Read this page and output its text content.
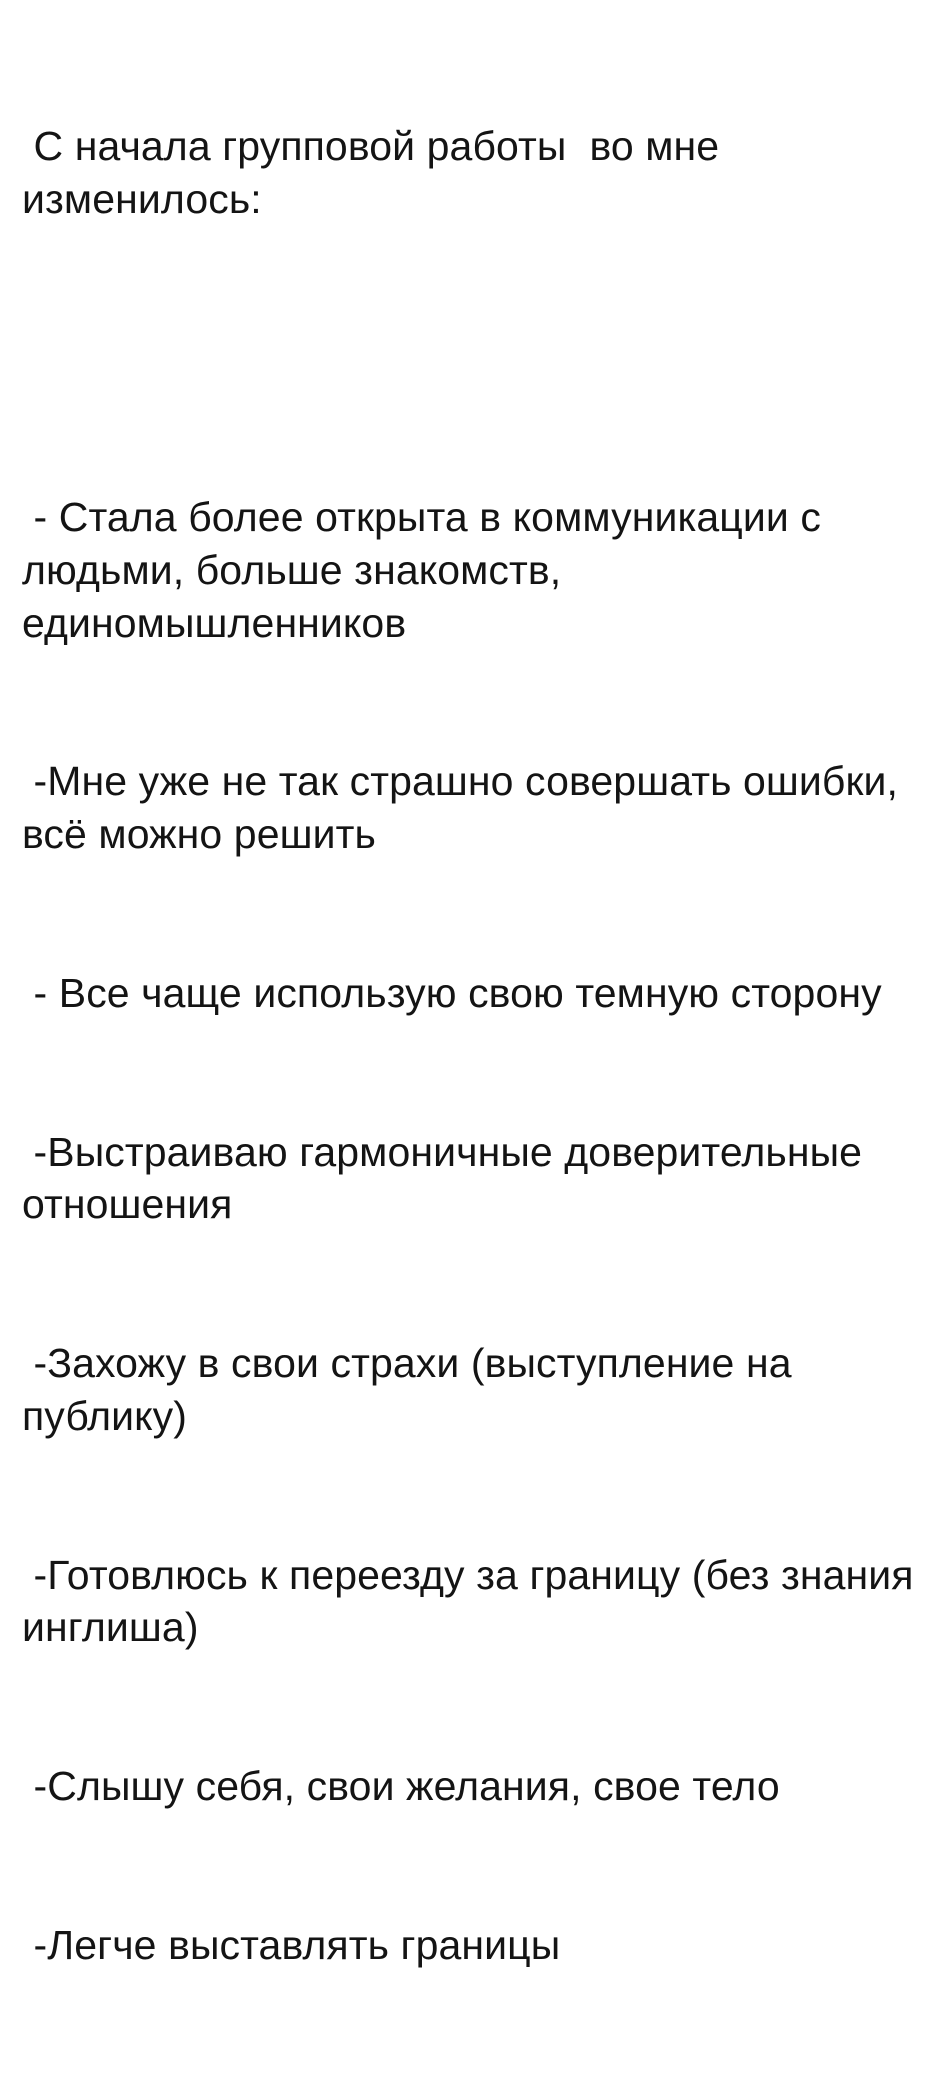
С начала групповой работы  во мне изменилось:

- Стала более открыта в коммуникации с людьми, больше знакомств, единомышленников

-Мне уже не так страшно совершать ошибки, всё можно решить

- Все чаще использую свою темную сторону

-Выстраиваю гармоничные доверительные отношения

-Захожу в свои страхи (выступление на публику)

-Готовлюсь к переезду за границу (без знания инглиша)

-Слышу себя, свои желания, свое тело

-Легче выставлять границы
